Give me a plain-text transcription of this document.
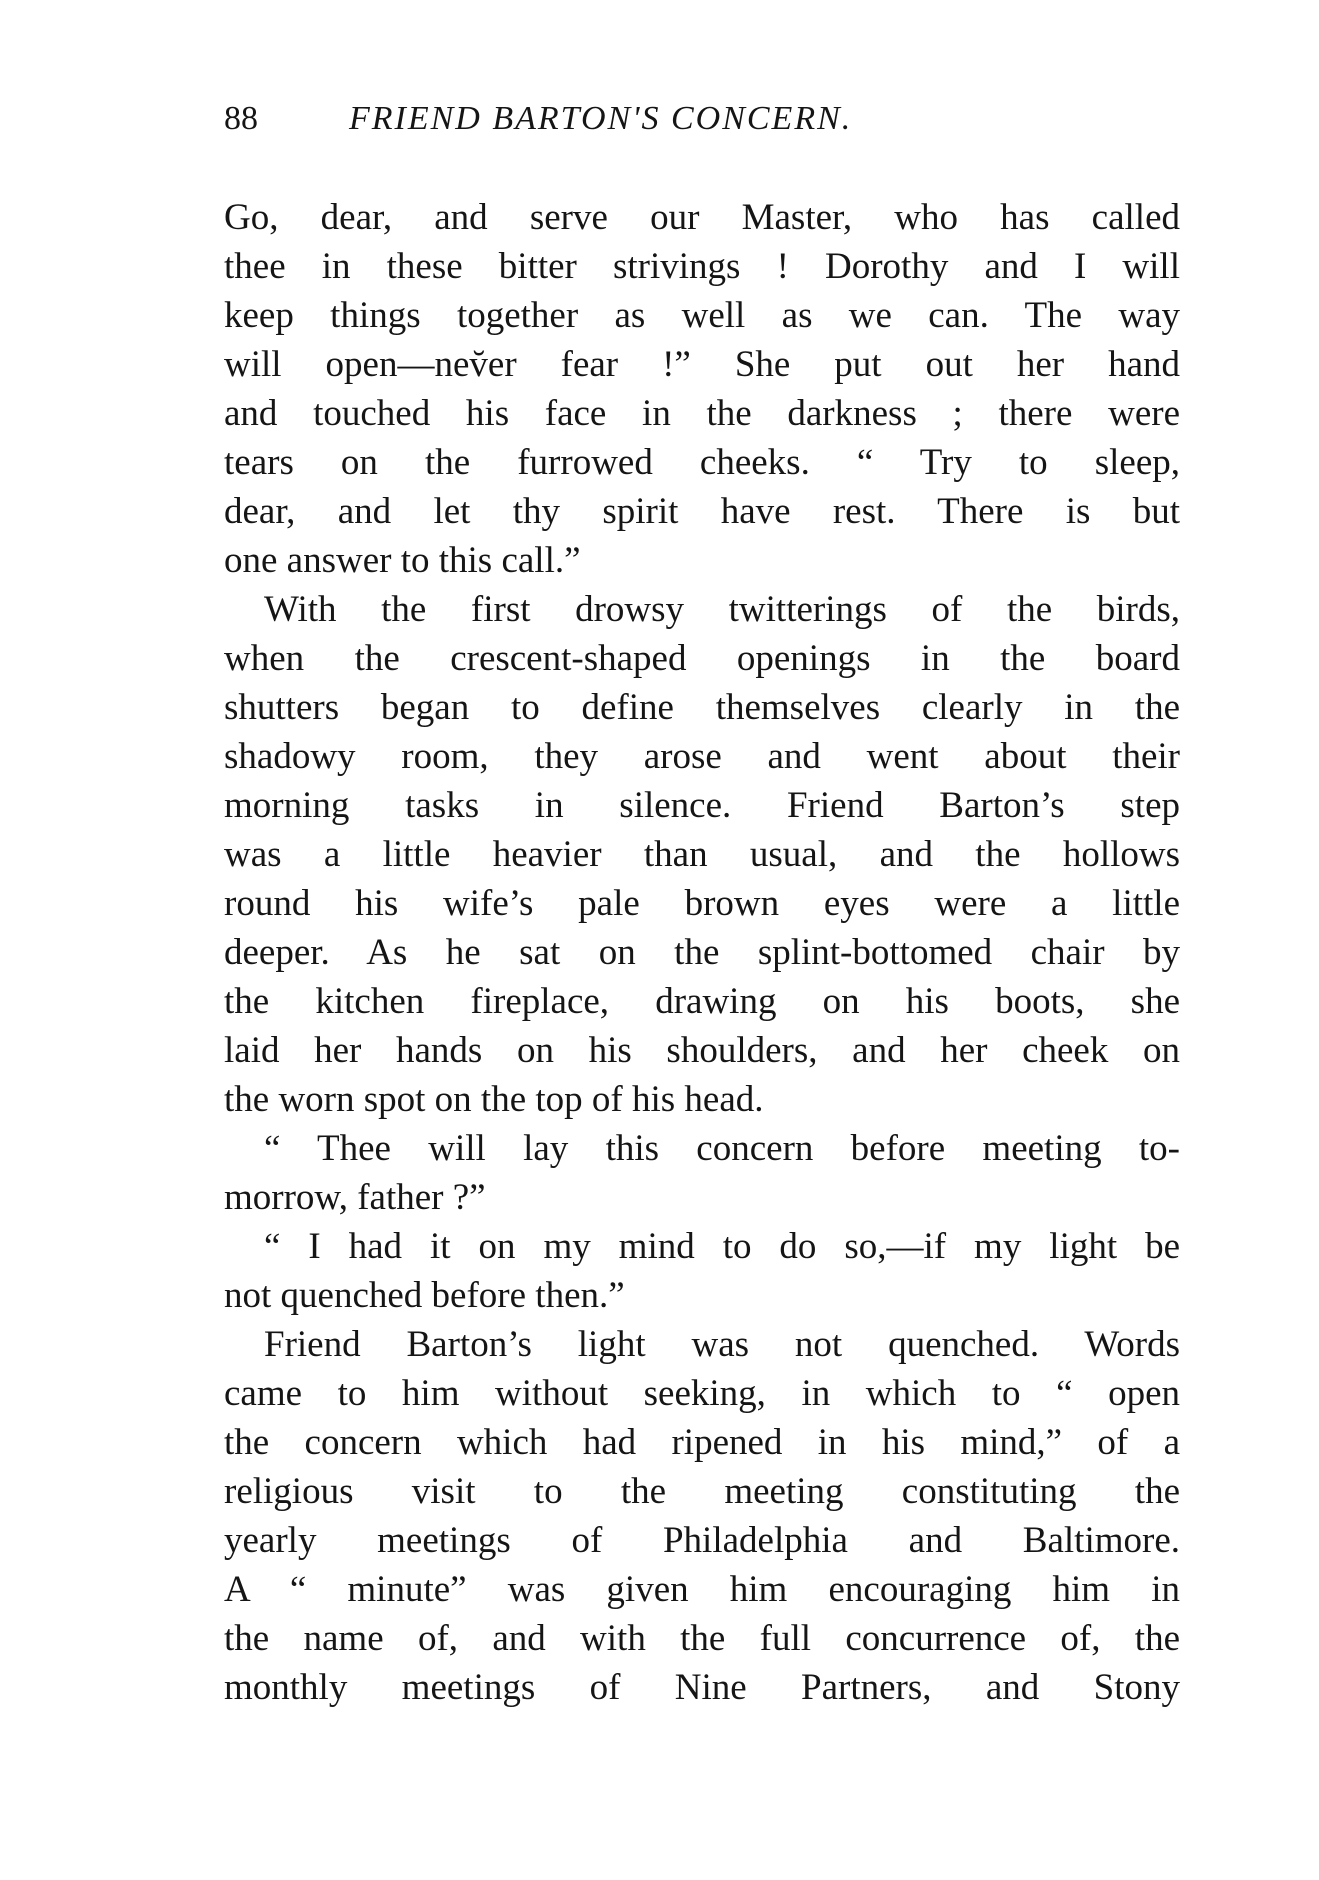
88	FRIEND BARTON'S CONCERN.
Go, dear, and serve our Master, who has called
thee in these bitter strivings ! Dorothy and I will
keep things together as well as we can. The way
will open—nev̆er fear !” She put out her hand
and touched his face in the darkness ; there were
tears on the furrowed cheeks. “ Try to sleep,
dear, and let thy spirit have rest. There is but
one answer to this call.”
With the first drowsy twitterings of the birds,
when the crescent-shaped openings in the board
shutters began to define themselves clearly in the
shadowy room, they arose and went about their
morning tasks in silence. Friend Barton’s step
was a little heavier than usual, and the hollows
round his wife’s pale brown eyes were a little
deeper. As he sat on the splint-bottomed chair by
the kitchen fireplace, drawing on his boots, she
laid her hands on his shoulders, and her cheek on
the worn spot on the top of his head.
“ Thee will lay this concern before meeting to-
morrow, father ?”
“ I had it on my mind to do so,—if my light be
not quenched before then.”
Friend Barton’s light was not quenched. Words
came to him without seeking, in which to “ open
the concern which had ripened in his mind,” of a
religious visit to the meeting constituting the
yearly meetings of Philadelphia and Baltimore.
A “ minute” was given him encouraging him in
the name of, and with the full concurrence of, the
monthly meetings of Nine Partners, and Stony
